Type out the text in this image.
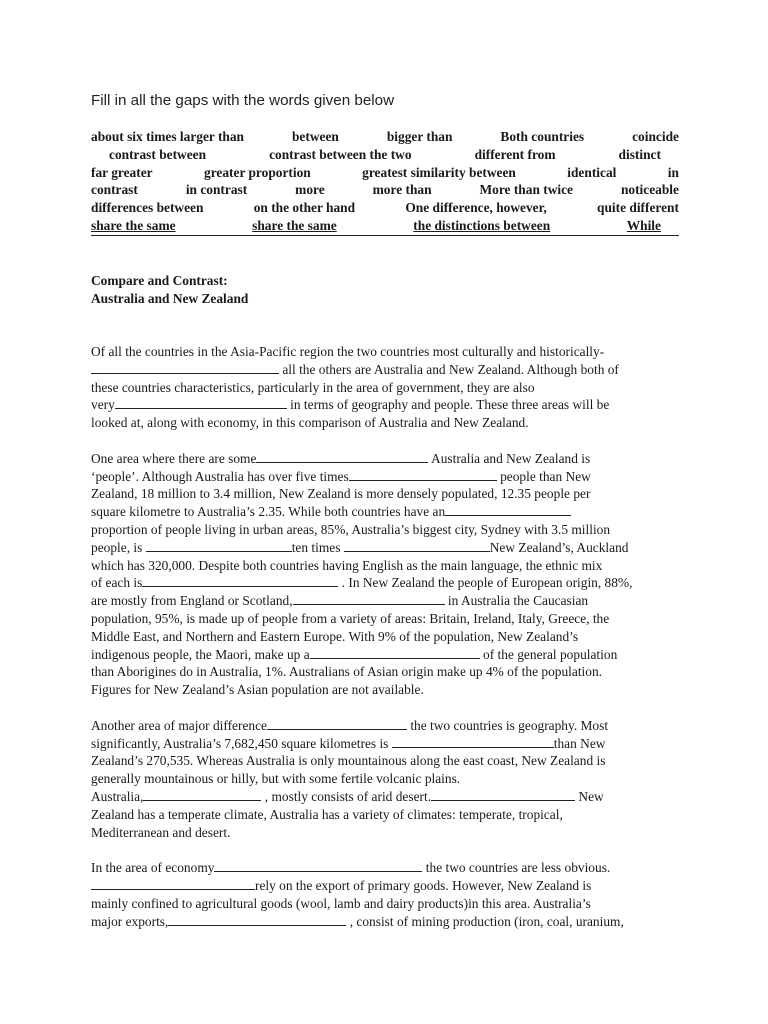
Fill in all the gaps with the words given below
about six times larger than	between	bigger than	Both countries	coincide
contrast between	contrast between the two	different from	distinct
far greater	greater proportion	greatest similarity between	identical	in
contrast	in contrast	more	more than	More than twice	noticeable
differences between	on the other hand	One difference, however,	quite different
share the same	share the same	the distinctions between	While
Compare and Contrast:
Australia and New Zealand
Of all the countries in the Asia-Pacific region the two countries most culturally and historically-
all the others are Australia and New Zealand. Although both of
these countries characteristics, particularly in the area of government, they are also
very	in terms of geography and people. These three areas will be
looked at, along with economy, in this comparison of Australia and New Zealand.
One area where there are some	Australia and New Zealand is
‘people’. Although Australia has over five times	people than New
Zealand, 18 million to 3.4 million, New Zealand is more densely populated, 12.35 people per
square kilometre to Australia’s 2.35. While both countries have an
proportion of people living in urban areas, 85%, Australia’s biggest city, Sydney with 3.5 million
people, is	ten times	New Zealand’s, Auckland
which has 320,000. Despite both countries having English as the main language, the ethnic mix
of each is	. In New Zealand the people of European origin, 88%,
are mostly from England or Scotland,	in Australia the Caucasian
population, 95%, is made up of people from a variety of areas: Britain, Ireland, Italy, Greece, the
Middle East, and Northern and Eastern Europe. With 9% of the population, New Zealand’s
indigenous people, the Maori, make up a	of the general population
than Aborigines do in Australia, 1%. Australians of Asian origin make up 4% of the population.
Figures for New Zealand’s Asian population are not available.
Another area of major difference	the two countries is geography. Most
significantly, Australia’s 7,682,450 square kilometres is	than New
Zealand’s 270,535. Whereas Australia is only mountainous along the east coast, New Zealand is
generally mountainous or hilly, but with some fertile volcanic plains.
Australia,	, mostly consists of arid desert.	New
Zealand has a temperate climate, Australia has a variety of climates: temperate, tropical,
Mediterranean and desert.
In the area of economy	the two countries are less obvious.
rely on the export of primary goods. However, New Zealand is
mainly confined to agricultural goods (wool, lamb and dairy products)in this area. Australia’s
major exports,	, consist of mining production (iron, coal, uranium,
